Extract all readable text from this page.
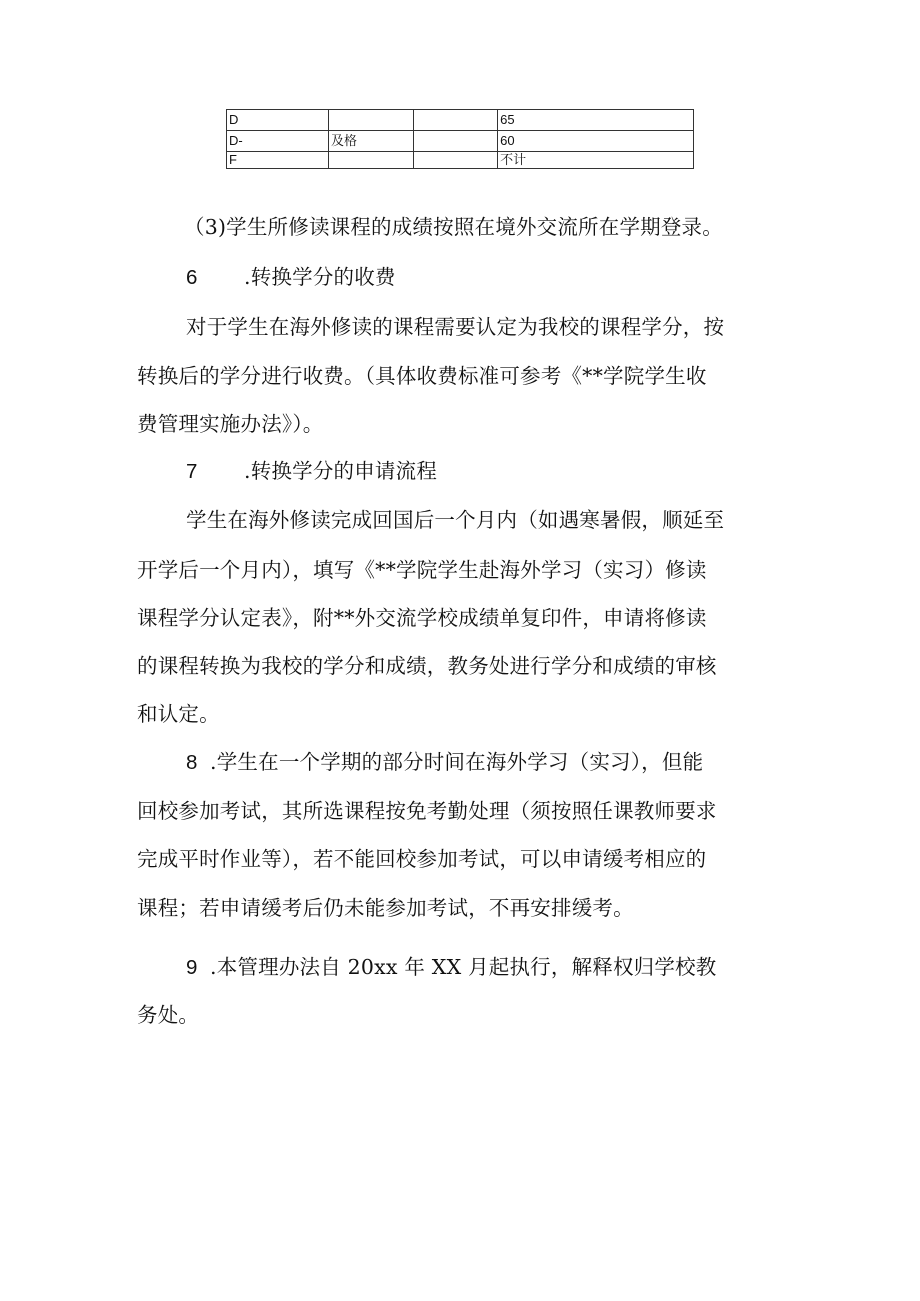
D			65
D-	及格		60
F			不计
（3)学生所修读课程的成绩按照在境外交流所在学期登录。
6 .转换学分的收费
对于学生在海外修读的课程需要认定为我校的课程学分，按
转换后的学分进行收费。（具体收费标准可参考《**学院学生收
费管理实施办法》）。
7 .转换学分的申请流程
学生在海外修读完成回国后一个月内（如遇寒暑假，顺延至
开学后一个月内），填写《**学院学生赴海外学习（实习）修读
课程学分认定表》，附**外交流学校成绩单复印件，申请将修读
的课程转换为我校的学分和成绩，教务处进行学分和成绩的审核
和认定。
8 .学生在一个学期的部分时间在海外学习（实习），但能
回校参加考试，其所选课程按免考勤处理（须按照任课教师要求
完成平时作业等），若不能回校参加考试，可以申请缓考相应的
课程；若申请缓考后仍未能参加考试，不再安排缓考。
9 .本管理办法自 20xx 年 XX 月起执行，解释权归学校教
务处。
